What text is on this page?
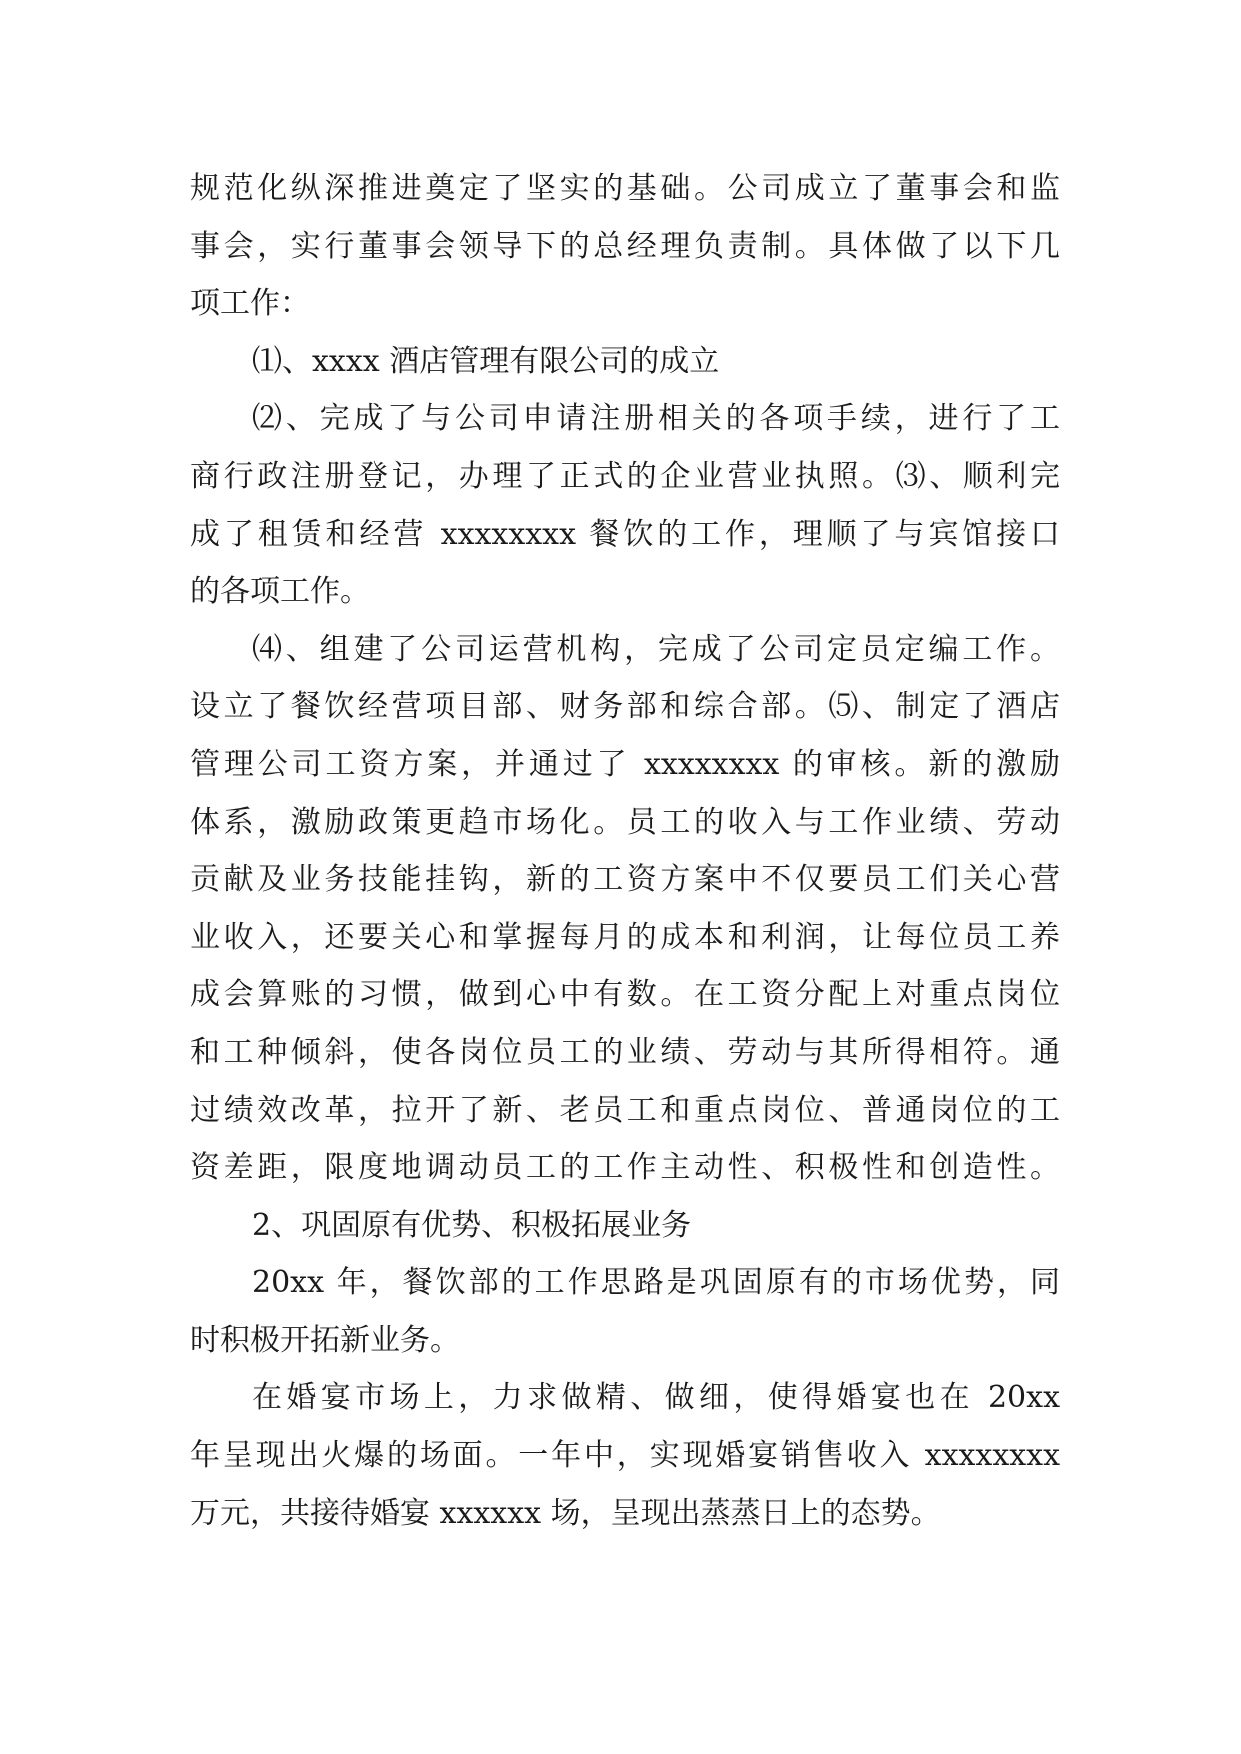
规范化纵深推进奠定了坚实的基础。公司成立了董事会和监
事会，实行董事会领导下的总经理负责制。具体做了以下几
项工作：
⑴、xxxx 酒店管理有限公司的成立
⑵、完成了与公司申请注册相关的各项手续，进行了工
商行政注册登记，办理了正式的企业营业执照。⑶、顺利完
成了租赁和经营 xxxxxxxx 餐饮的工作，理顺了与宾馆接口
的各项工作。
⑷、组建了公司运营机构，完成了公司定员定编工作。
设立了餐饮经营项目部、财务部和综合部。⑸、制定了酒店
管理公司工资方案，并通过了 xxxxxxxx 的审核。新的激励
体系，激励政策更趋市场化。员工的收入与工作业绩、劳动
贡献及业务技能挂钩，新的工资方案中不仅要员工们关心营
业收入，还要关心和掌握每月的成本和利润，让每位员工养
成会算账的习惯，做到心中有数。在工资分配上对重点岗位
和工种倾斜，使各岗位员工的业绩、劳动与其所得相符。通
过绩效改革，拉开了新、老员工和重点岗位、普通岗位的工
资差距，限度地调动员工的工作主动性、积极性和创造性。
2、巩固原有优势、积极拓展业务
20xx 年，餐饮部的工作思路是巩固原有的市场优势，同
时积极开拓新业务。
在婚宴市场上，力求做精、做细，使得婚宴也在 20xx
年呈现出火爆的场面。一年中，实现婚宴销售收入 xxxxxxxx
万元，共接待婚宴 xxxxxx 场，呈现出蒸蒸日上的态势。
